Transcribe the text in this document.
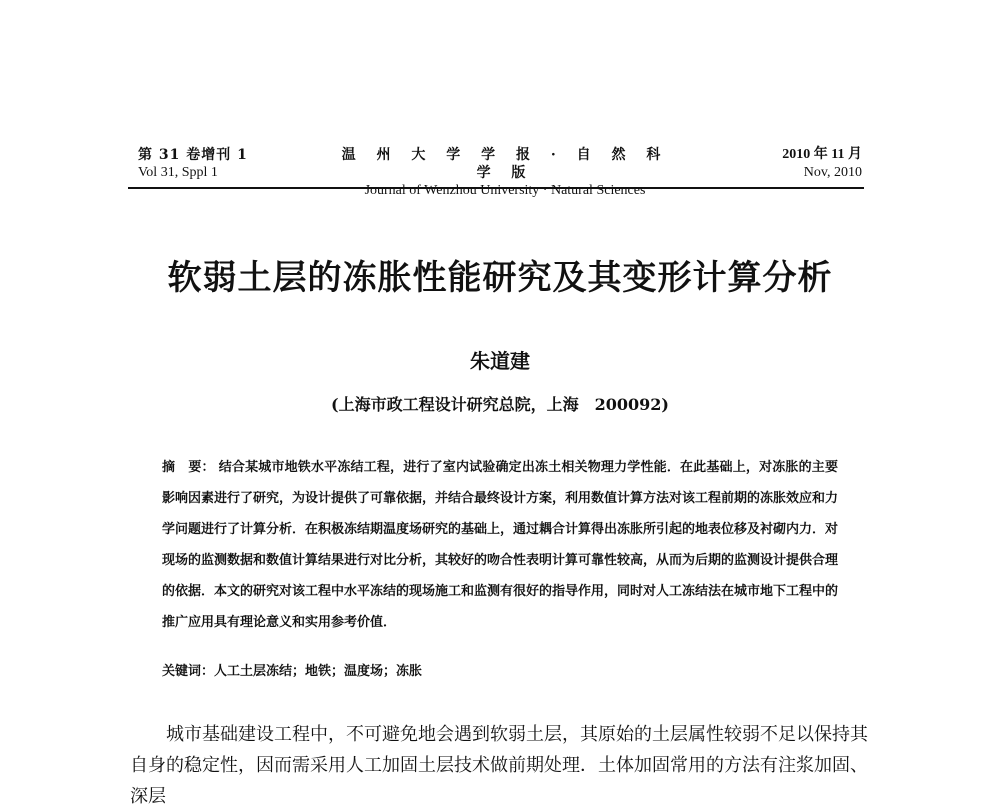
第 31 卷增刊 1
Vol 31, Sppl 1
温 州 大 学 学 报 · 自 然 科 学 版
Journal of Wenzhou University · Natural Sciences
2010 年 11 月
Nov, 2010
软弱土层的冻胀性能研究及其变形计算分析
朱道建
(上海市政工程设计研究总院，上海　200092)

摘　要： 结合某城市地铁水平冻结工程，进行了室内试验确定出冻土相关物理力学性能．在此基础上，对冻胀的主要影响因素进行了研究，为设计提供了可靠依据，并结合最终设计方案，利用数值计算方法对该工程前期的冻胀效应和力学问题进行了计算分析．在积极冻结期温度场研究的基础上，通过耦合计算得出冻胀所引起的地表位移及衬砌内力．对现场的监测数据和数值计算结果进行对比分析，其较好的吻合性表明计算可靠性较高，从而为后期的监测设计提供合理的依据．本文的研究对该工程中水平冻结的现场施工和监测有很好的指导作用，同时对人工冻结法在城市地下工程中的推广应用具有理论意义和实用参考价值．

关键词：人工土层冻结；地铁；温度场；冻胀

城市基础建设工程中，不可避免地会遇到软弱土层，其原始的土层属性较弱不足以保持其自身的稳定性，因而需采用人工加固土层技术做前期处理．土体加固常用的方法有注浆加固、深层
